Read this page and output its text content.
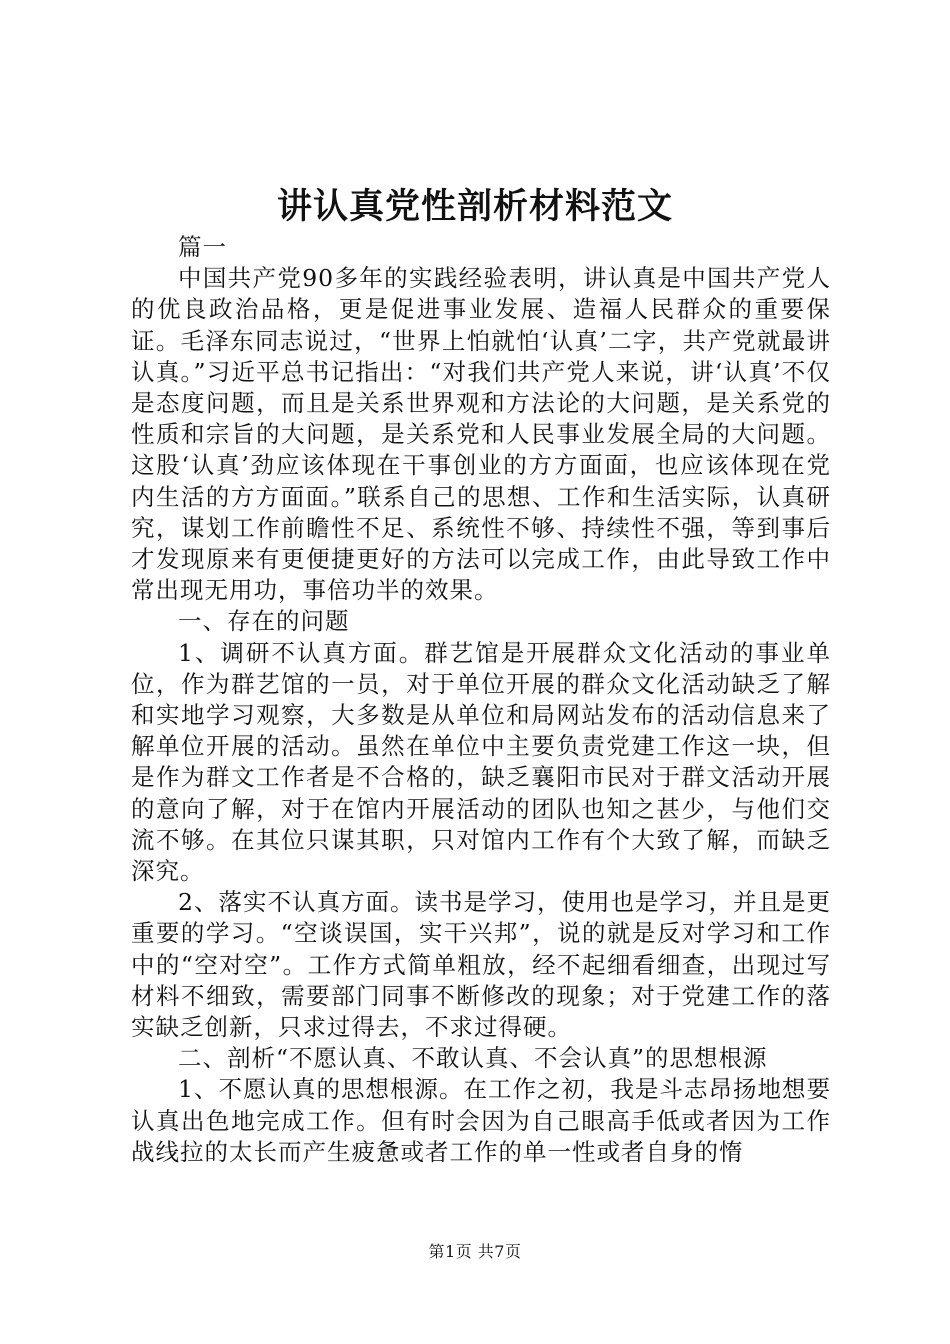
讲认真党性剖析材料范文

篇一

中国共产党90多年的实践经验表明，讲认真是中国共产党人的优良政治品格，更是促进事业发展、造福人民群众的重要保证。毛泽东同志说过，“世界上怕就怕‘认真’二字，共产党就最讲认真。”习近平总书记指出：“对我们共产党人来说，讲‘认真’不仅是态度问题，而且是关系世界观和方法论的大问题，是关系党的性质和宗旨的大问题，是关系党和人民事业发展全局的大问题。这股‘认真’劲应该体现在干事创业的方方面面，也应该体现在党内生活的方方面面。”联系自己的思想、工作和生活实际，认真研究，谋划工作前瞻性不足、系统性不够、持续性不强，等到事后才发现原来有更便捷更好的方法可以完成工作，由此导致工作中常出现无用功，事倍功半的效果。

一、存在的问题

1、调研不认真方面。群艺馆是开展群众文化活动的事业单位，作为群艺馆的一员，对于单位开展的群众文化活动缺乏了解和实地学习观察，大多数是从单位和局网站发布的活动信息来了解单位开展的活动。虽然在单位中主要负责党建工作这一块，但是作为群文工作者是不合格的，缺乏襄阳市民对于群文活动开展的意向了解，对于在馆内开展活动的团队也知之甚少，与他们交流不够。在其位只谋其职，只对馆内工作有个大致了解，而缺乏深究。

2、落实不认真方面。读书是学习，使用也是学习，并且是更重要的学习。“空谈误国，实干兴邦”，说的就是反对学习和工作中的“空对空”。工作方式简单粗放，经不起细看细查，出现过写材料不细致，需要部门同事不断修改的现象；对于党建工作的落实缺乏创新，只求过得去，不求过得硬。

二、剖析“不愿认真、不敢认真、不会认真”的思想根源

1、不愿认真的思想根源。在工作之初，我是斗志昂扬地想要认真出色地完成工作。但有时会因为自己眼高手低或者因为工作战线拉的太长而产生疲惫或者工作的单一性或者自身的惰

第1页 共7页
